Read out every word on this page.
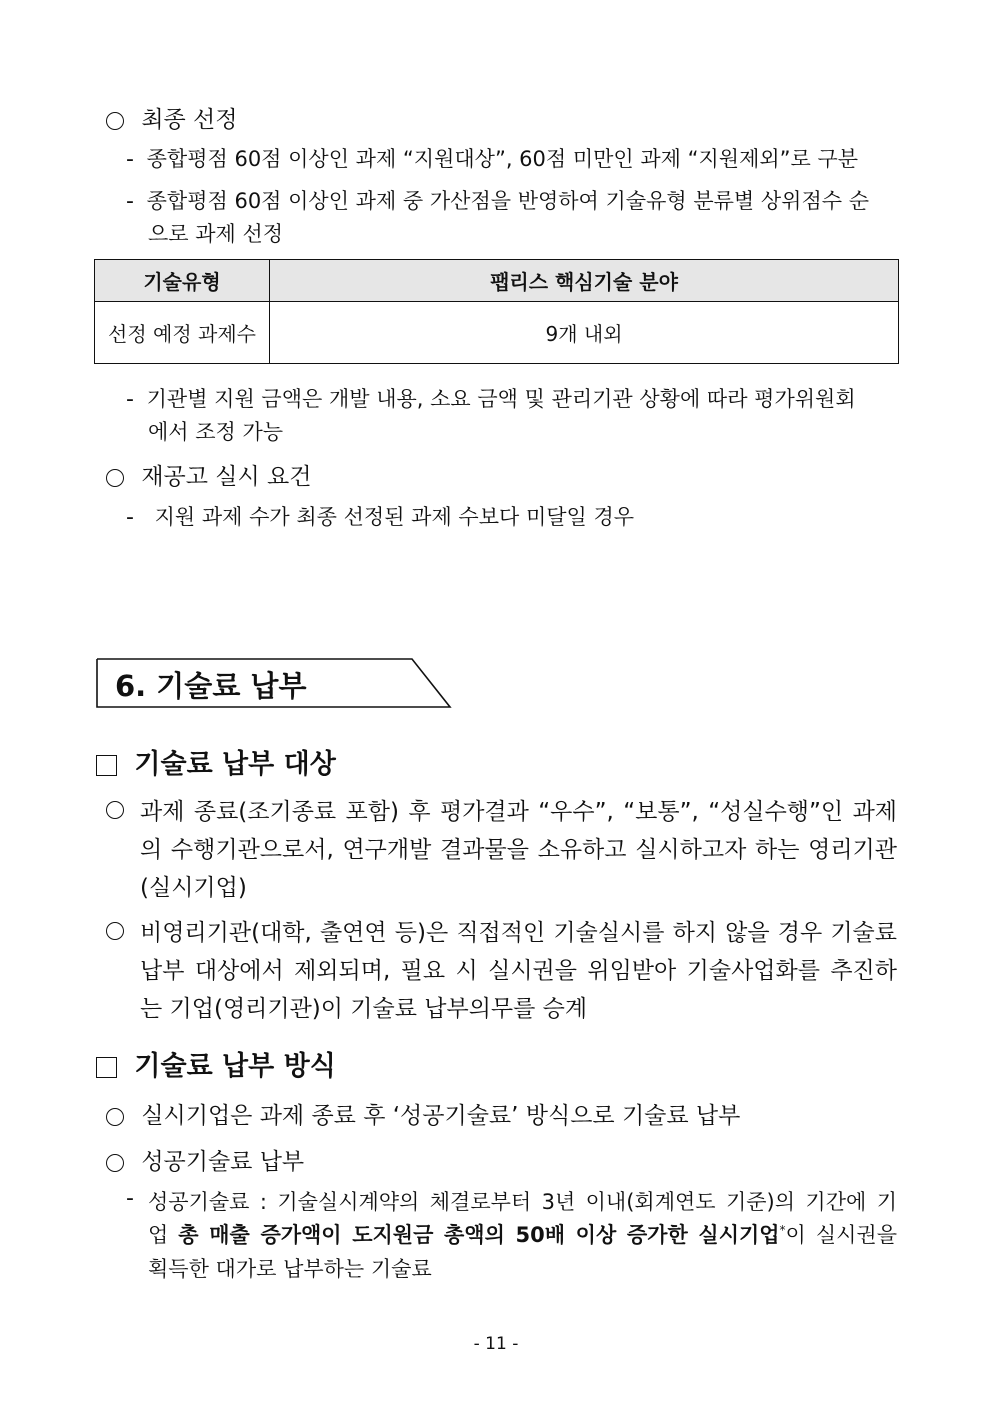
최종 선정
- 종합평점 60점 이상인 과제 “지원대상”, 60점 미만인 과제 “지원제외”로 구분
- 종합평점 60점 이상인 과제 중 가산점을 반영하여 기술유형 분류별 상위점수 순
으로 과제 선정
기술유형	팹리스 핵심기술 분야
선정 예정 과제수	9개 내외
- 기관별 지원 금액은 개발 내용, 소요 금액 및 관리기관 상황에 따라 평가위원회
에서 조정 가능
재공고 실시 요건
- 지원 과제 수가 최종 선정된 과제 수보다 미달일 경우
6. 기술료 납부
기술료 납부 대상
과제 종료(조기종료 포함) 후 평가결과 “우수”, “보통”, “성실수행”인 과제
의 수행기관으로서, 연구개발 결과물을 소유하고 실시하고자 하는 영리기관
(실시기업)
비영리기관(대학, 출연연 등)은 직접적인 기술실시를 하지 않을 경우 기술료
납부 대상에서 제외되며, 필요 시 실시권을 위임받아 기술사업화를 추진하
는 기업(영리기관)이 기술료 납부의무를 승계
기술료 납부 방식
실시기업은 과제 종료 후 ‘성공기술료’ 방식으로 기술료 납부
성공기술료 납부
- 성공기술료 : 기술실시계약의 체결로부터 3년 이내(회계연도 기준)의 기간에 기
업 총 매출 증가액이 도지원금 총액의 50배 이상 증가한 실시기업*이 실시권을
획득한 대가로 납부하는 기술료
- 11 -
